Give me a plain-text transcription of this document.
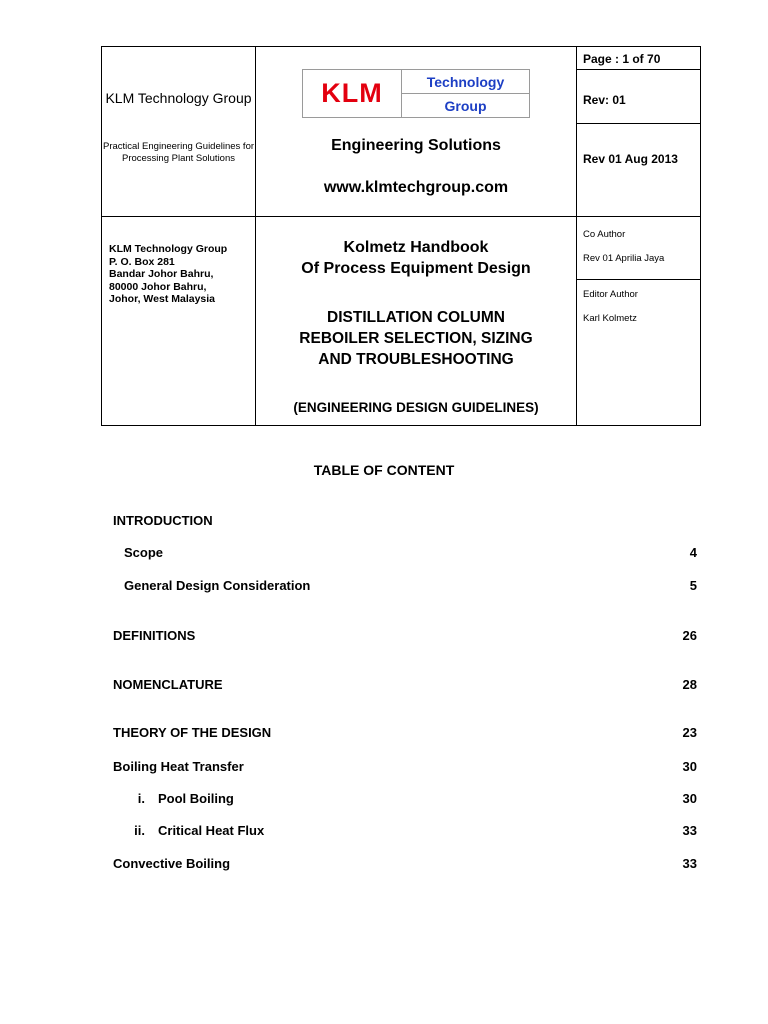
KLM Technology Group
Practical Engineering Guidelines for Processing Plant Solutions
KLM Technology Group
P. O. Box 281
Bandar Johor Bahru,
80000 Johor Bahru,
Johor, West Malaysia
KLM	Technology
Group
Engineering Solutions
www.klmtechgroup.com
Kolmetz Handbook
Of Process Equipment Design
DISTILLATION COLUMN
REBOILER SELECTION, SIZING
AND TROUBLESHOOTING
(ENGINEERING DESIGN GUIDELINES)
Page : 1 of 70
Rev: 01
Rev 01 Aug 2013
Co Author
Rev 01 Aprilia Jaya
Editor Author
Karl Kolmetz
TABLE OF CONTENT
INTRODUCTION
Scope	4
General Design Consideration	5
DEFINITIONS	26
NOMENCLATURE	28
THEORY OF THE DESIGN	23
Boiling Heat Transfer	30
i. Pool Boiling	30
ii. Critical Heat Flux	33
Convective Boiling	33
